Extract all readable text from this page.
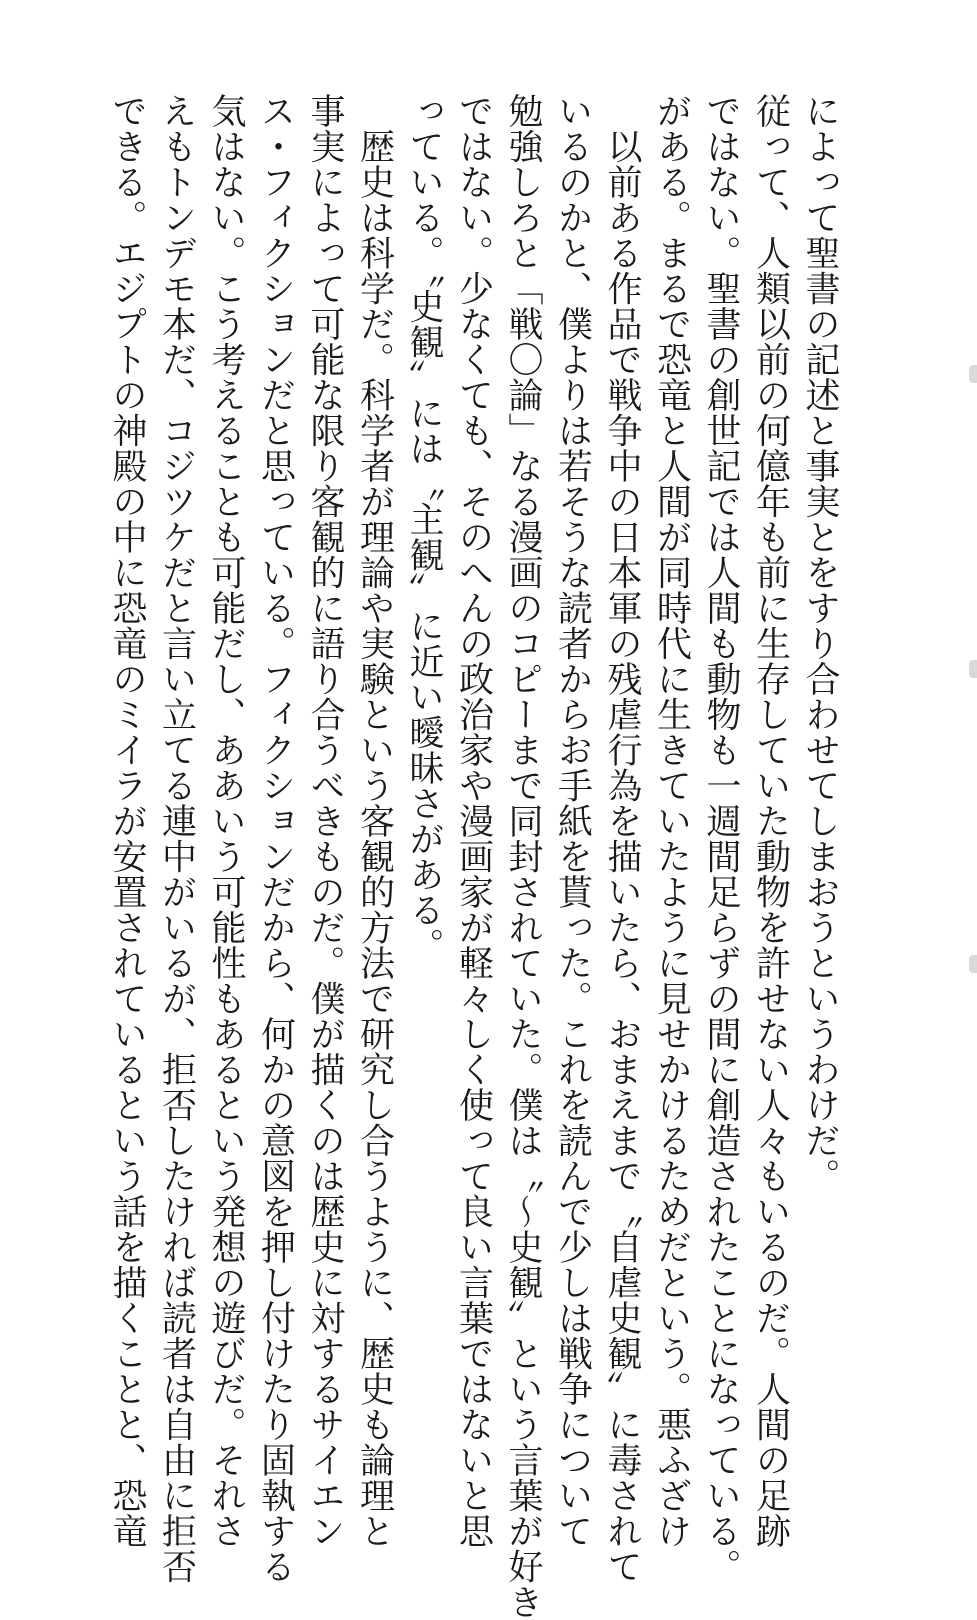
によって聖書の記述と事実とをすり合わせてしまおうというわけだ。
従って、人類以前の何億年も前に生存していた動物を許せない人々もいるのだ。人間の足跡
ではない。聖書の創世記では人間も動物も一週間足らずの間に創造されたことになっている。
がある。まるで恐竜と人間が同時代に生きていたように見せかけるためだという。悪ふざけ
　以前ある作品で戦争中の日本軍の残虐行為を描いたら、おまえまで〝自虐史観〟に毒されて
いるのかと、僕よりは若そうな読者からお手紙を貰った。これを読んで少しは戦争について
勉強しろと「戦〇論」なる漫画のコピーまで同封されていた。僕は〝〜史観〟という言葉が好き
ではない。少なくても、そのへんの政治家や漫画家が軽々しく使って良い言葉ではないと思
っている。〝史観〟には〝主観〟に近い曖昧さがある。
　歴史は科学だ。科学者が理論や実験という客観的方法で研究し合うように、歴史も論理と
事実によって可能な限り客観的に語り合うべきものだ。僕が描くのは歴史に対するサイエン
ス・フィクションだと思っている。フィクションだから、何かの意図を押し付けたり固執する
気はない。こう考えることも可能だし、ああいう可能性もあるという発想の遊びだ。それさ
えもトンデモ本だ、コジツケだと言い立てる連中がいるが、拒否したければ読者は自由に拒否
できる。エジプトの神殿の中に恐竜のミイラが安置されているという話を描くことと、恐竜
